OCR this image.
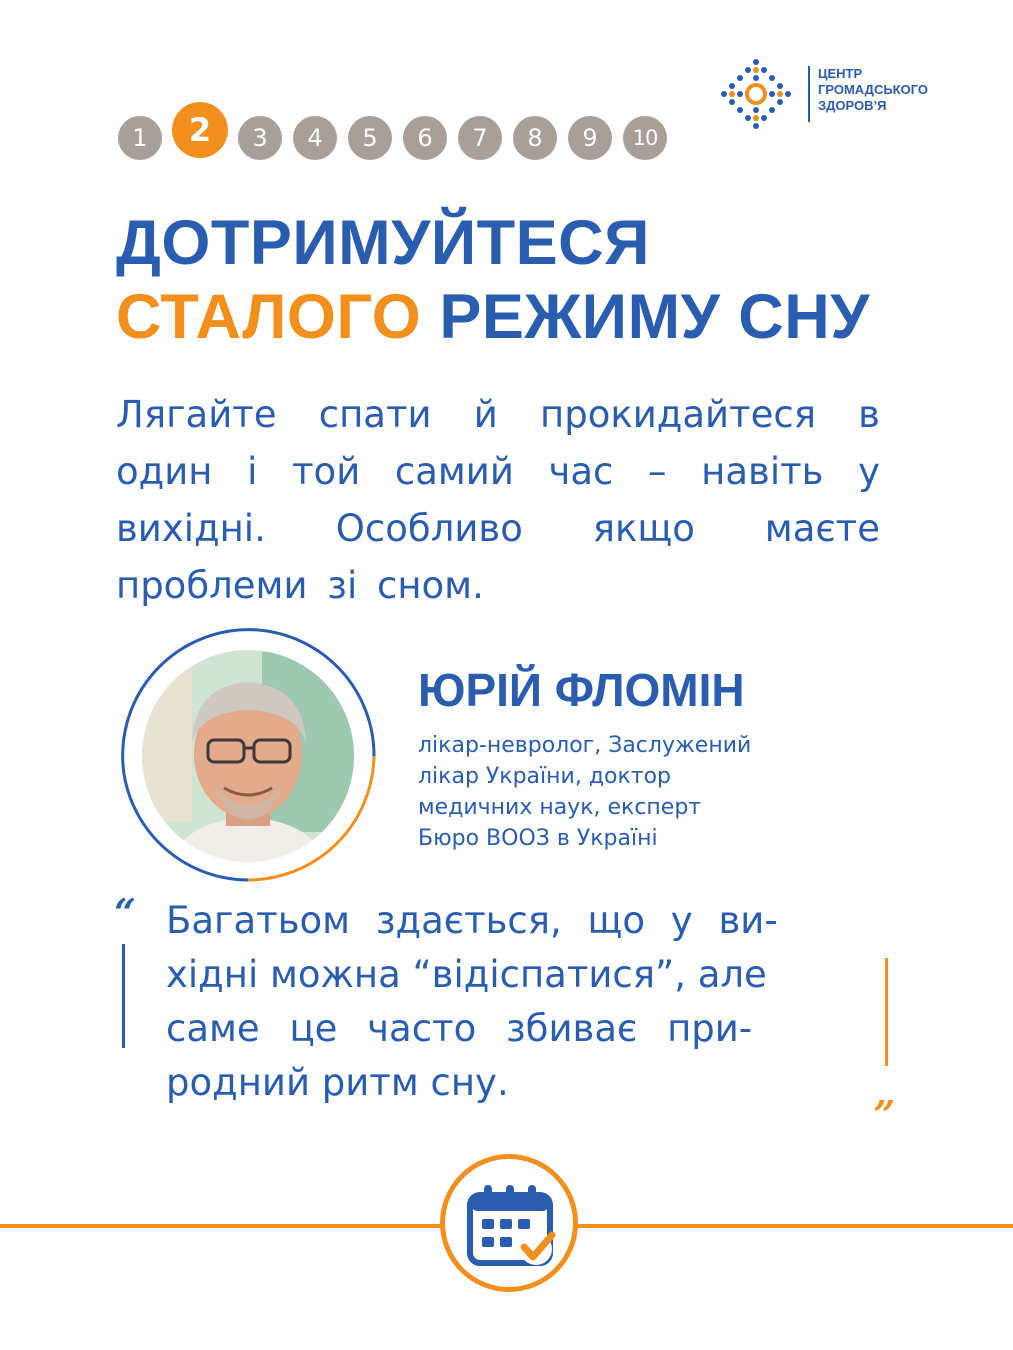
ЦЕНТР
ГРОМАДСЬКОГО
ЗДОРОВ’Я
1	2	3	4	5	6	7	8	9	10
ДОТРИМУЙТЕСЯ
СТАЛОГО РЕЖИМУ СНУ
Лягайте спати й прокидайтеся в один і той самий час – навіть у вихідні. Особливо якщо маєте проблеми зі сном.
ЮРІЙ ФЛОМІН
лікар-невролог, Заслужений
лікар України, доктор
медичних наук, експерт
Бюро ВООЗ в Україні
“ Багатьом здається, що у ви-
хідні можна “відіспатися”, але
саме це часто збиває при-
родний ритм сну.	„
